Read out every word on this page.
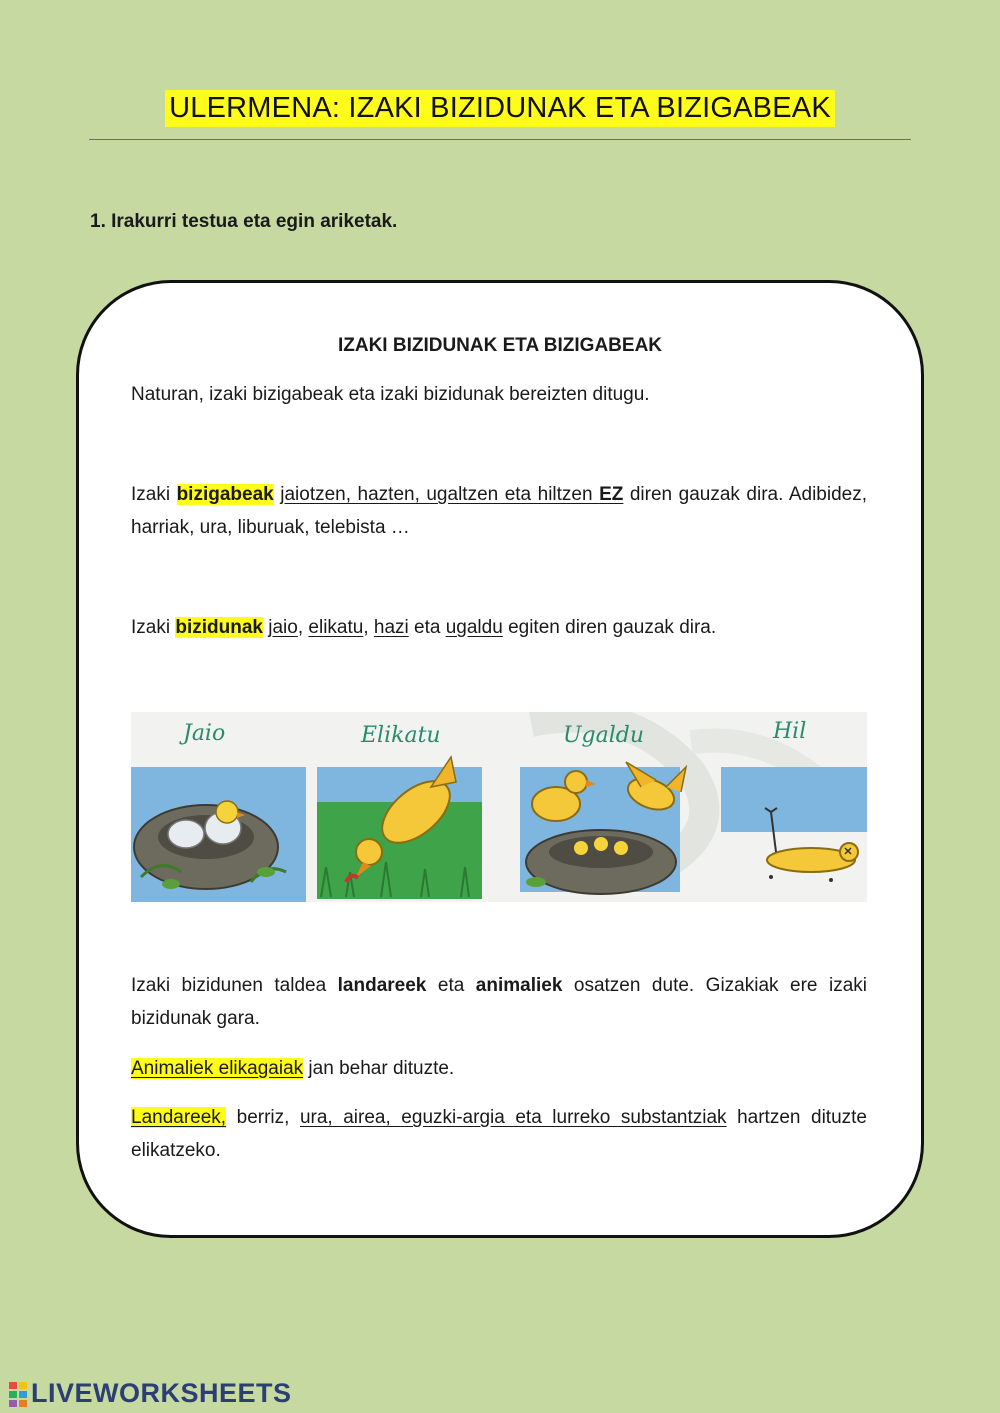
ULERMENA: IZAKI BIZIDUNAK ETA BIZIGABEAK
1. Irakurri testua eta egin ariketak.
IZAKI BIZIDUNAK ETA BIZIGABEAK
Naturan, izaki bizigabeak eta izaki bizidunak bereizten ditugu.
Izaki bizigabeak jaiotzen, hazten, ugaltzen eta hiltzen EZ diren gauzak dira. Adibidez, harriak, ura, liburuak, telebista …
Izaki bizidunak jaio, elikatu, hazi eta ugaldu egiten diren gauzak dira.
Jaio	Elikatu	Ugaldu	Hil
Izaki bizidunen taldea landareek eta animaliek osatzen dute. Gizakiak ere izaki bizidunak gara.
Animaliek elikagaiak jan behar dituzte.
Landareek, berriz, ura, airea, eguzki-argia eta lurreko substantziak hartzen dituzte elikatzeko.
LIVEWORKSHEETS
